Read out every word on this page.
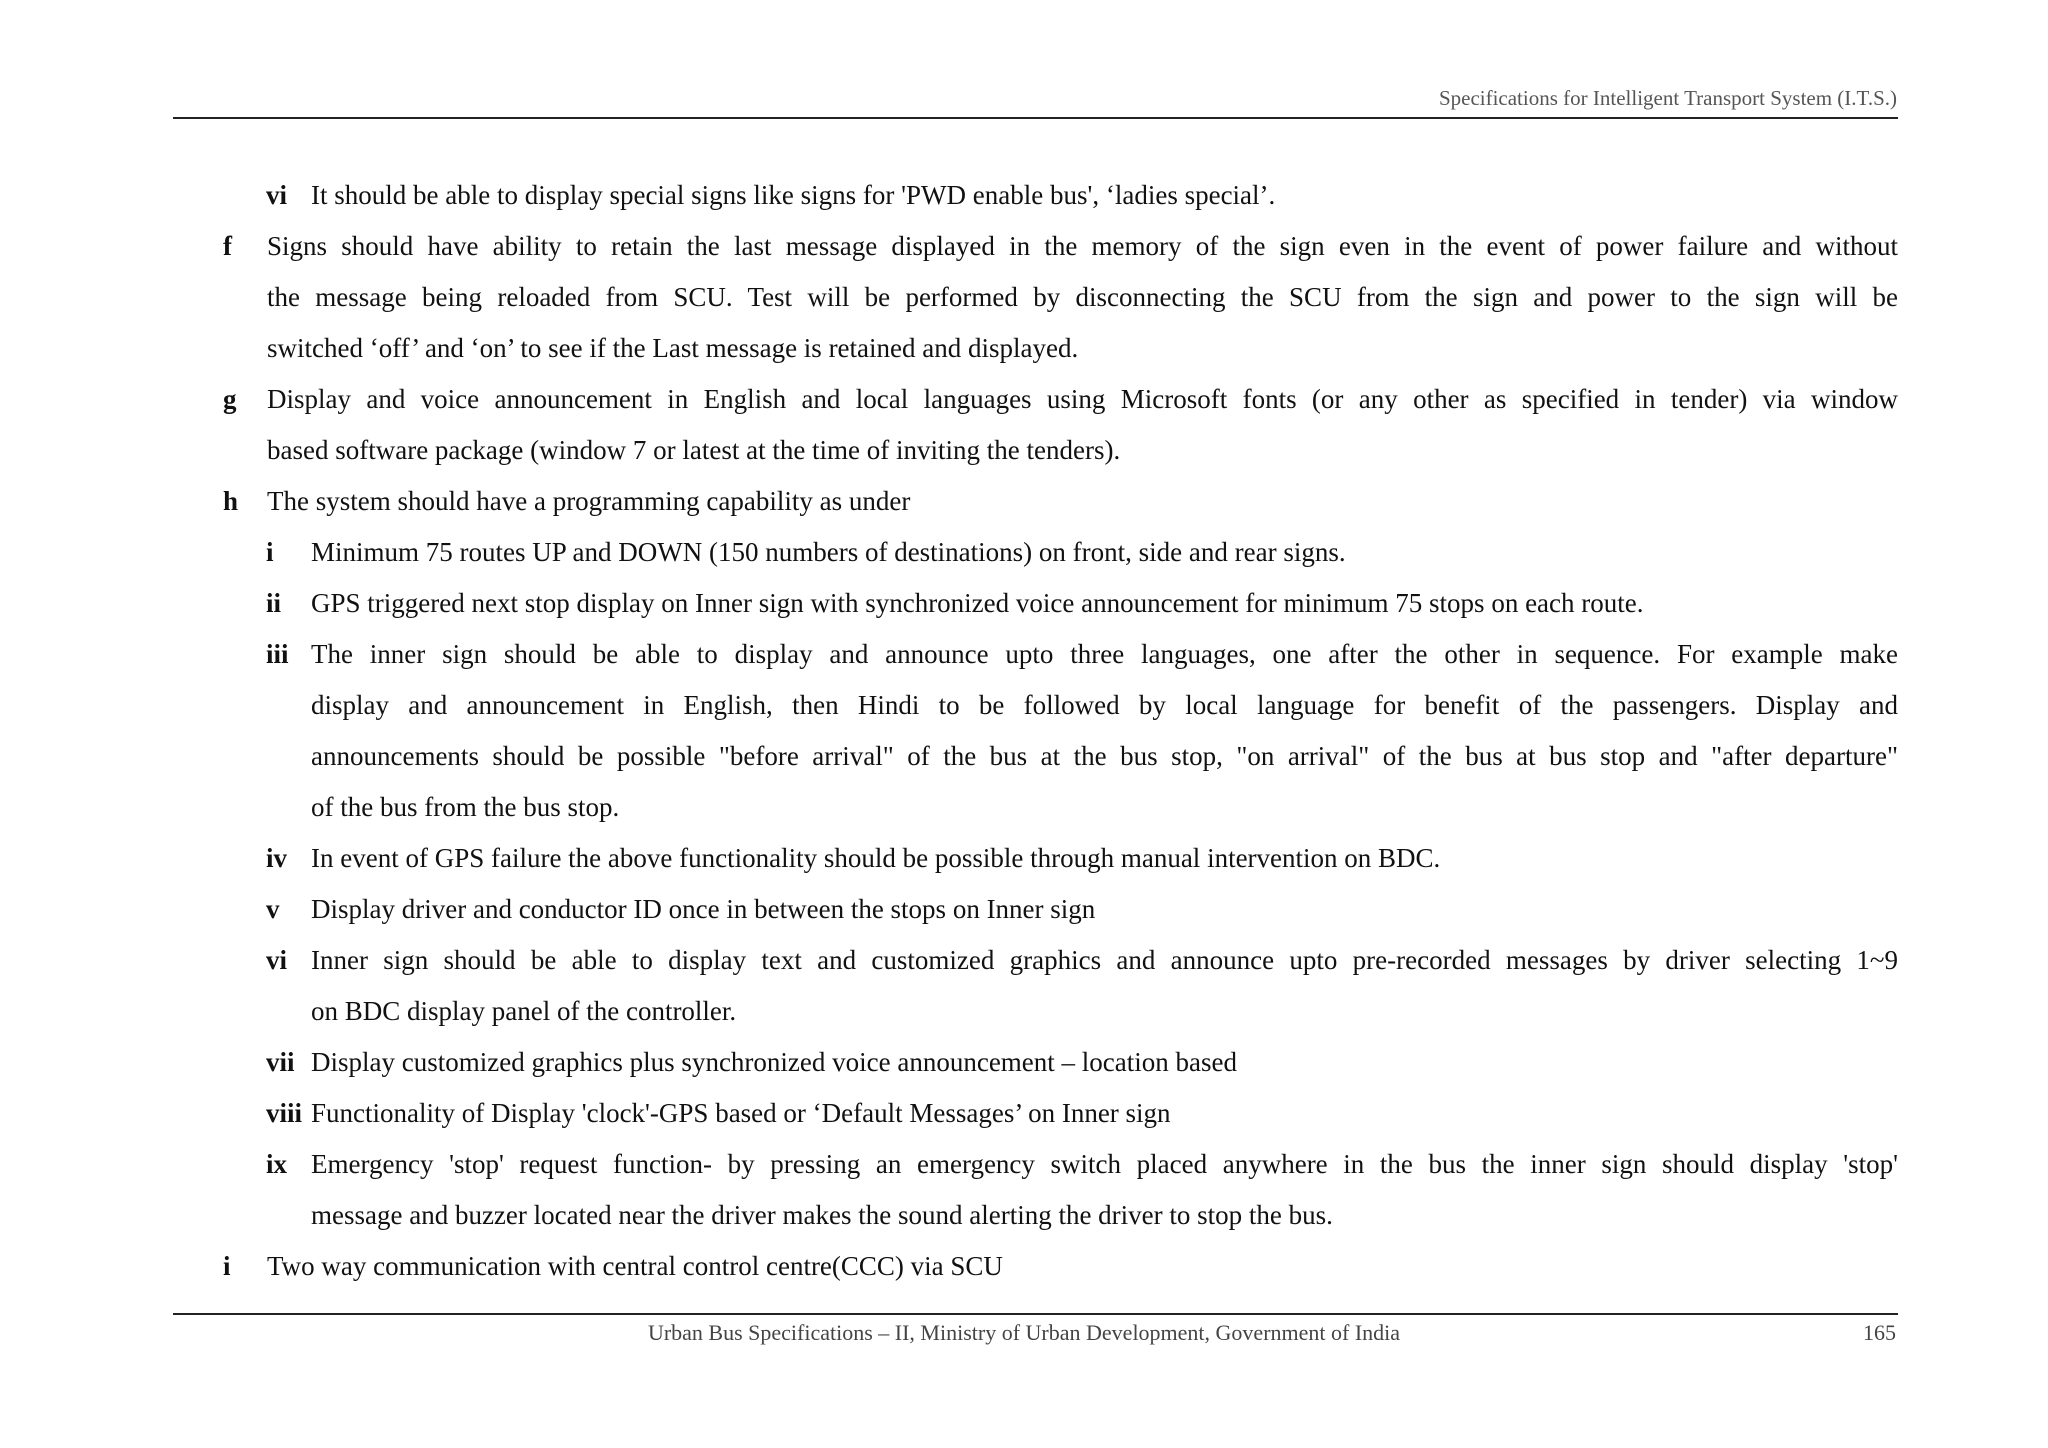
Specifications for Intelligent Transport System (I.T.S.)
vi It should be able to display special signs like signs for 'PWD enable bus', ‘ladies special’.
f Signs should have ability to retain the last message displayed in the memory of the sign even in the event of power failure and without
the message being reloaded from SCU. Test will be performed by disconnecting the SCU from the sign and power to the sign will be
switched ‘off’ and ‘on’ to see if the Last message is retained and displayed.
g Display and voice announcement in English and local languages using Microsoft fonts (or any other as specified in tender) via window
based software package (window 7 or latest at the time of inviting the tenders).
h The system should have a programming capability as under
i Minimum 75 routes UP and DOWN (150 numbers of destinations) on front, side and rear signs.
ii GPS triggered next stop display on Inner sign with synchronized voice announcement for minimum 75 stops on each route.
iii The inner sign should be able to display and announce upto three languages, one after the other in sequence. For example make
display and announcement in English, then Hindi to be followed by local language for benefit of the passengers. Display and
announcements should be possible "before arrival" of the bus at the bus stop, "on arrival" of the bus at bus stop and "after departure"
of the bus from the bus stop.
iv In event of GPS failure the above functionality should be possible through manual intervention on BDC.
v Display driver and conductor ID once in between the stops on Inner sign
vi Inner sign should be able to display text and customized graphics and announce upto pre-recorded messages by driver selecting 1~9
on BDC display panel of the controller.
vii Display customized graphics plus synchronized voice announcement – location based
viii Functionality of Display 'clock'-GPS based or ‘Default Messages’ on Inner sign
ix Emergency 'stop' request function- by pressing an emergency switch placed anywhere in the bus the inner sign should display 'stop'
message and buzzer located near the driver makes the sound alerting the driver to stop the bus.
i Two way communication with central control centre(CCC) via SCU
Urban Bus Specifications – II, Ministry of Urban Development, Government of India	165
